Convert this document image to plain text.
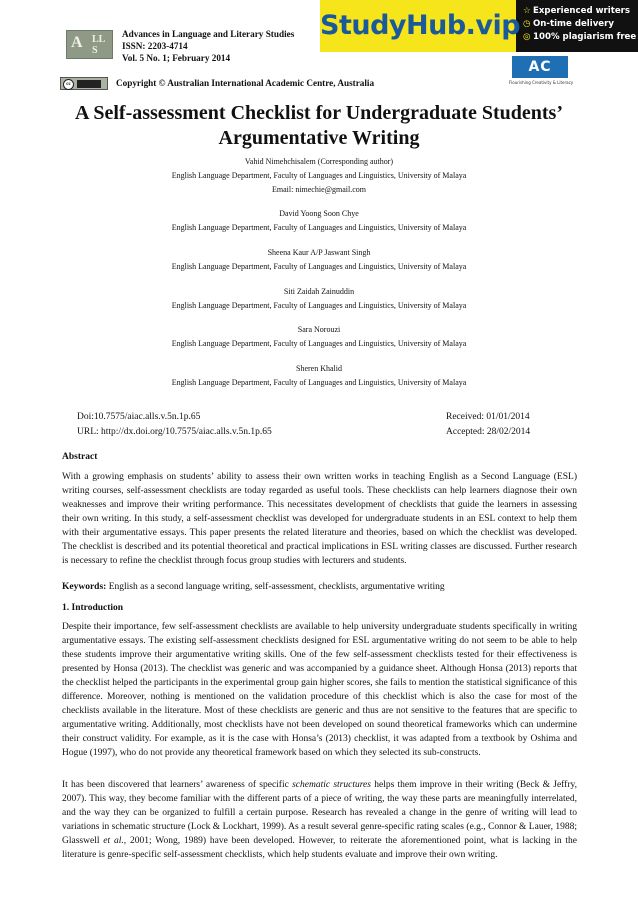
A LL
S
Advances in Language and Literary Studies
ISSN: 2203-4714
Vol. 5 No. 1; February 2014
cc	Copyright © Australian International Academic Centre, Australia
StudyHub.vip ☆ Experienced writers
◷ On-time delivery
◎ 100% plagiarism free
AC
Flourishing Creativity & Literacy
A Self-assessment Checklist for Undergraduate Students’ Argumentative Writing
Vahid Nimehchisalem (Corresponding author)
English Language Department, Faculty of Languages and Linguistics, University of Malaya
Email: nimechie@gmail.com
David Yoong Soon Chye
English Language Department, Faculty of Languages and Linguistics, University of Malaya
Sheena Kaur A/P Jaswant Singh
English Language Department, Faculty of Languages and Linguistics, University of Malaya
Siti Zaidah Zainuddin
English Language Department, Faculty of Languages and Linguistics, University of Malaya
Sara Norouzi
English Language Department, Faculty of Languages and Linguistics, University of Malaya
Sheren Khalid
English Language Department, Faculty of Languages and Linguistics, University of Malaya
Doi:10.7575/aiac.alls.v.5n.1p.65
URL: http://dx.doi.org/10.7575/aiac.alls.v.5n.1p.65
Received: 01/01/2014
Accepted: 28/02/2014
Abstract
With a growing emphasis on students’ ability to assess their own written works in teaching English as a Second Language (ESL) writing courses, self-assessment checklists are today regarded as useful tools. These checklists can help learners diagnose their own weaknesses and improve their writing performance. This necessitates development of checklists that guide the learners in assessing their own writing. In this study, a self-assessment checklist was developed for undergraduate students in an ESL context to help them with their argumentative essays. This paper presents the related literature and theories, based on which the checklist was developed. The checklist is described and its potential theoretical and practical implications in ESL writing classes are discussed. Further research is necessary to refine the checklist through focus group studies with lecturers and students.
Keywords: English as a second language writing, self-assessment, checklists, argumentative writing
1. Introduction
Despite their importance, few self-assessment checklists are available to help university undergraduate students specifically in writing argumentative essays. The existing self-assessment checklists designed for ESL argumentative writing do not seem to be able to help these students improve their argumentative writing skills. One of the few self-assessment checklists tested for their effectiveness is presented by Honsa (2013). The checklist was generic and was accompanied by a guidance sheet. Although Honsa (2013) reports that the checklist helped the participants in the experimental group gain higher scores, she fails to mention the statistical significance of this difference. Moreover, nothing is mentioned on the validation procedure of this checklist which is also the case for most of the checklists available in the literature. Most of these checklists are generic and thus are not sensitive to the features that are specific to argumentative writing. Additionally, most checklists have not been developed on sound theoretical frameworks which can undermine their construct validity. For example, as it is the case with Honsa’s (2013) checklist, it was adapted from a textbook by Oshima and Hogue (1997), who do not provide any theoretical framework based on which they selected its sub-constructs.
It has been discovered that learners’ awareness of specific schematic structures helps them improve in their writing (Beck & Jeffry, 2007). This way, they become familiar with the different parts of a piece of writing, the way these parts are meaningfully interrelated, and the way they can be organized to fulfill a certain purpose. Research has revealed a change in the genre of writing will lead to variations in schematic structure (Lock & Lockhart, 1999). As a result several genre-specific rating scales (e.g., Connor & Lauer, 1988; Glasswell et al., 2001; Wong, 1989) have been developed. However, to reiterate the aforementioned point, what is lacking in the literature is genre-specific self-assessment checklists, which help students evaluate and improve their own writing.
